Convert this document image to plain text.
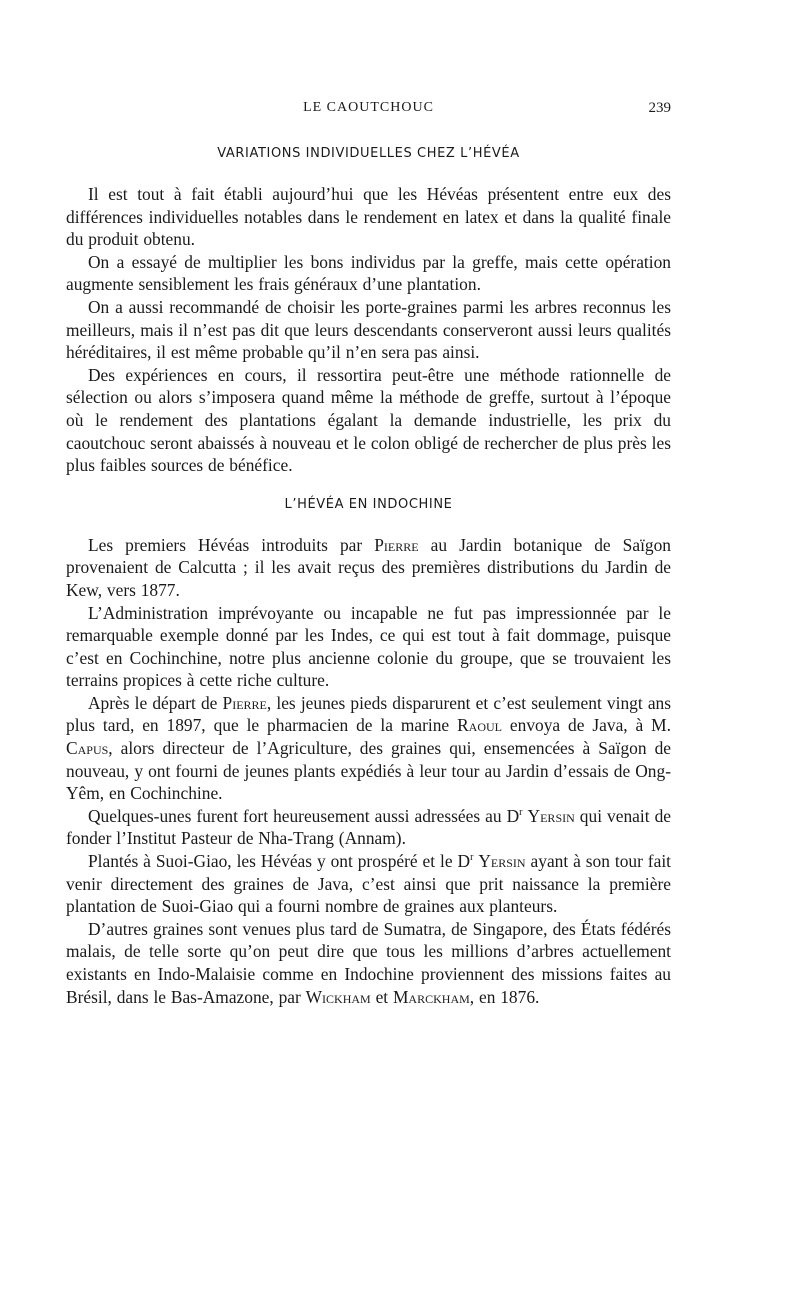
LE CAOUTCHOUC	239
VARIATIONS INDIVIDUELLES CHEZ L’HÉVÉA

Il est tout à fait établi aujourd’hui que les Hévéas présentent entre eux des différences individuelles notables dans le rendement en latex et dans la qualité finale du produit obtenu.

On a essayé de multiplier les bons individus par la greffe, mais cette opération augmente sensiblement les frais généraux d’une plantation.

On a aussi recommandé de choisir les porte-graines parmi les arbres reconnus les meilleurs, mais il n’est pas dit que leurs descendants conserveront aussi leurs qualités héréditaires, il est même probable qu’il n’en sera pas ainsi.

Des expériences en cours, il ressortira peut-être une méthode rationnelle de sélection ou alors s’imposera quand même la méthode de greffe, surtout à l’époque où le rendement des plantations égalant la demande industrielle, les prix du caoutchouc seront abaissés à nouveau et le colon obligé de rechercher de plus près les plus faibles sources de bénéfice.

L’HÉVÉA EN INDOCHINE

Les premiers Hévéas introduits par Pierre au Jardin botanique de Saïgon provenaient de Calcutta ; il les avait reçus des premières distributions du Jardin de Kew, vers 1877.

L’Administration imprévoyante ou incapable ne fut pas impressionnée par le remarquable exemple donné par les Indes, ce qui est tout à fait dommage, puisque c’est en Cochinchine, notre plus ancienne colonie du groupe, que se trouvaient les terrains propices à cette riche culture.

Après le départ de Pierre, les jeunes pieds disparurent et c’est seulement vingt ans plus tard, en 1897, que le pharmacien de la marine Raoul envoya de Java, à M. Capus, alors directeur de l’Agriculture, des graines qui, ensemencées à Saïgon de nouveau, y ont fourni de jeunes plants expédiés à leur tour au Jardin d’essais de Ong-Yêm, en Cochinchine.

Quelques-unes furent fort heureusement aussi adressées au $D^r$ Yersin qui venait de fonder l’Institut Pasteur de Nha-Trang (Annam).

Plantés à Suoi-Giao, les Hévéas y ont prospéré et le $D^r$ Yersin ayant à son tour fait venir directement des graines de Java, c’est ainsi que prit naissance la première plantation de Suoi-Giao qui a fourni nombre de graines aux planteurs.

D’autres graines sont venues plus tard de Sumatra, de Singapore, des États fédérés malais, de telle sorte qu’on peut dire que tous les millions d’arbres actuellement existants en Indo-Malaisie comme en Indochine proviennent des missions faites au Brésil, dans le Bas-Amazone, par Wickham et Marckham, en 1876.
